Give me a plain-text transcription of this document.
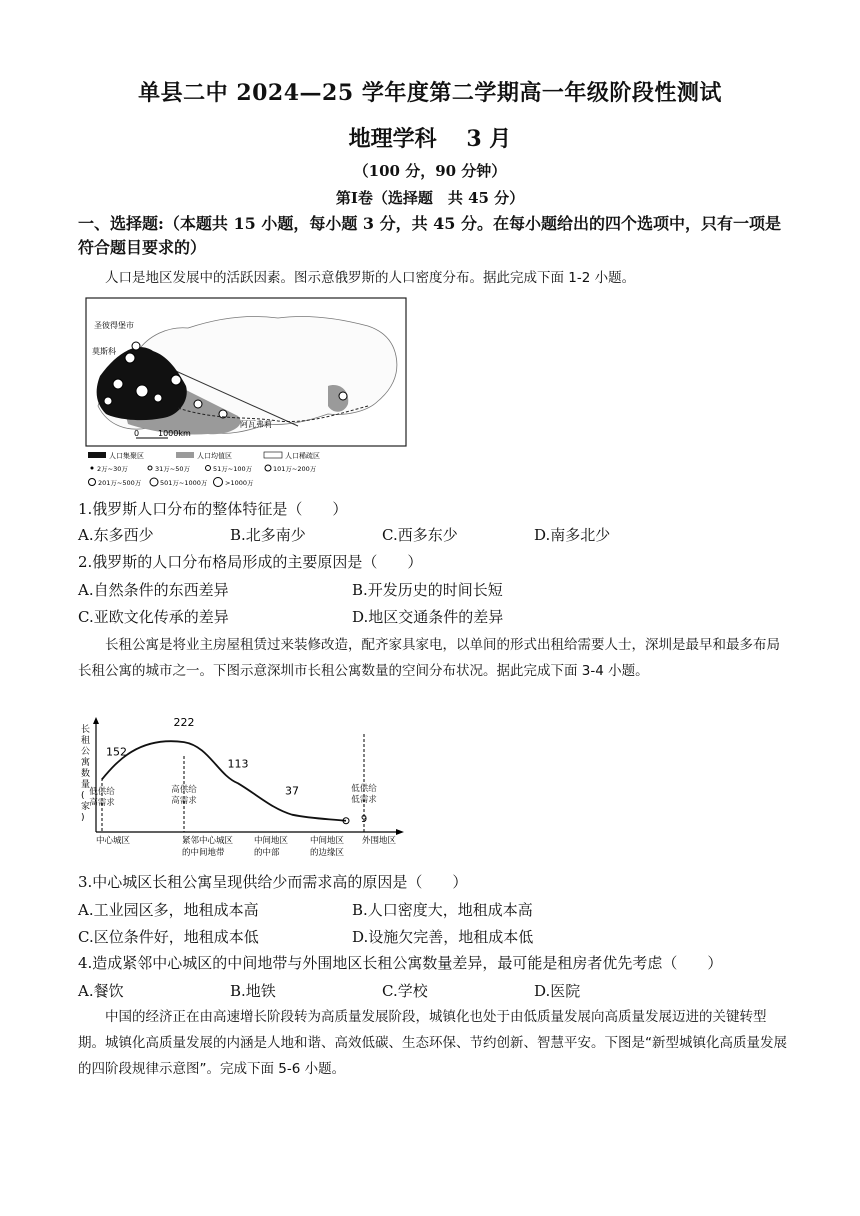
单县二中 2024—25 学年度第二学期高一年级阶段性测试
地理学科　 3 月
（100 分，90 分钟）
第Ⅰ卷（选择题　共 45 分）
一、选择题:（本题共 15 小题，每小题 3 分，共 45 分。在每小题给出的四个选项中，只有一项是符合题目要求的）
人口是地区发展中的活跃因素。图示意俄罗斯的人口密度分布。据此完成下面 1-2 小题。
圣彼得堡市
莫斯科
阿瓦弗莉
0 1000km
人口集聚区	人口均值区	人口稀疏区
2万~30万	31万~50万	51万~100万	101万~200万
201万~500万	501万~1000万	>1000万
1.俄罗斯人口分布的整体特征是（　　）
A.东多西少	B.北多南少	C.西多东少	D.南多北少
2.俄罗斯的人口分布格局形成的主要原因是（　　）
A.自然条件的东西差异	B.开发历史的时间长短
C.亚欧文化传承的差异	D.地区交通条件的差异
长租公寓是将业主房屋租赁过来装修改造，配齐家具家电，以单间的形式出租给需要人士，深圳是最早和最多布局长租公寓的城市之一。下图示意深圳市长租公寓数量的空间分布状况。据此完成下面 3-4 小题。
长
租
公
寓
数
量
(
家
)
152
222
113
37
中心城区	紧邻中心城区
的中间地带
中间地区
的中部
中间地区
的边缘区
外围地区
低供给
高需求
高供给
高需求
低供给
低需求
9
3.中心城区长租公寓呈现供给少而需求高的原因是（　　）
A.工业园区多，地租成本高	B.人口密度大，地租成本高
C.区位条件好，地租成本低	D.设施欠完善，地租成本低
4.造成紧邻中心城区的中间地带与外围地区长租公寓数量差异，最可能是租房者优先考虑（　　）
A.餐饮	B.地铁	C.学校	D.医院
中国的经济正在由高速增长阶段转为高质量发展阶段，城镇化也处于由低质量发展向高质量发展迈进的关键转型期。城镇化高质量发展的内涵是人地和谐、高效低碳、生态环保、节约创新、智慧平安。下图是“新型城镇化高质量发展的四阶段规律示意图”。完成下面 5-6 小题。
